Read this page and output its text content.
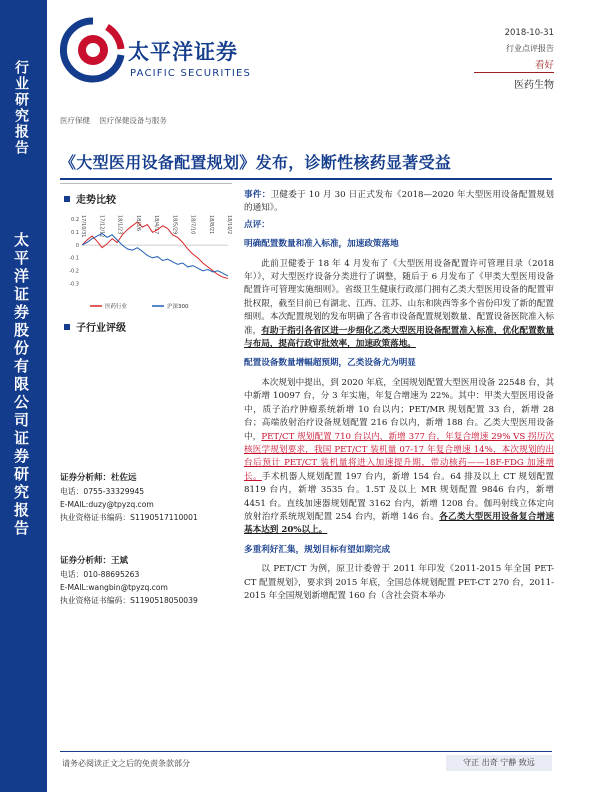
行业研究报告
太平洋证券股份有限公司证券研究报告
太平洋证券
PACIFIC SECURITIES
2018-10-31
行业点评报告
看好
医药生物
医疗保健 医疗保健设备与服务
《大型医用设备配置规划》发布，诊断性核药显著受益
走势比较
0.2
0.1
0
-0.1
-0.2
-0.3
17/10/31 17/12/12 18/1/23 18/3/6 18/4/17 18/5/29 18/7/10 18/8/21 18/10/2
医药行业	沪深300
子行业评级
证券分析师：杜佐远
电话：0755-33329945
E-MAIL:duzy@tpyzq.com
执业资格证书编码：S1190517110001
证券分析师：王斌
电话：010-88695263
E-MAIL:wangbin@tpyzq.com
执业资格证书编码：S1190518050039

事件：卫健委于 10 月 30 日正式发布《2018—2020 年大型医用设备配置规划的通知》。

点评：

明确配置数量和准入标准，加速政策落地

此前卫健委于 18 年 4 月发布了《大型医用设备配置许可管理目录（2018 年）》，对大型医疗设备分类进行了调整，随后于 6 月发布了《甲类大型医用设备配置许可管理实施细则》。省级卫生健康行政部门拥有乙类大型医用设备的配置审批权限，截至目前已有湖北、江西、江苏、山东和陕西等多个省份印发了新的配置细则。本次配置规划的发布明确了各省市设备配置规划数量、配置设备医院准入标准，有助于指引各省区进一步细化乙类大型医用设备配置准入标准，优化配置数量与布局，提高行政审批效率，加速政策落地。

配置设备数量增幅超预期，乙类设备尤为明显

本次规划中提出，到 2020 年底，全国规划配置大型医用设备 22548 台，其中新增 10097 台，分 3 年实施，年复合增速为 22%。其中：甲类大型医用设备中，质子治疗肿瘤系统新增 10 台以内；PET/MR 规划配置 33 台，新增 28 台；高端放射治疗设备规划配置 216 台以内，新增 188 台。乙类大型医用设备中，PET/CT 规划配置 710 台以内，新增 377 台，年复合增速 29% VS 拐历次核医学规划要求，我国 PET/CT 装机量 07-17 年复合增速 14%，本次规划的出台后预计 PET/CT 装机量将进入加速提升期，带动核药——18F-FDG 加速增长。手术机器人规划配置 197 台内，新增 154 台。64 排及以上 CT 规划配置 8119 台内，新增 3535 台。1.5T 及以上 MR 规划配置 9846 台内，新增 4451 台。直线加速器规划配置 3162 台内，新增 1208 台。伽玛射线立体定向放射治疗系统规划配置 254 台内，新增 146 台。各乙类大型医用设备复合增速基本达到 20%以上。

多重利好汇集，规划目标有望如期完成

以 PET/CT 为例，原卫计委曾于 2011 年印发《2011-2015 年全国 PET-CT 配置规划》，要求到 2015 年底，全国总体规划配置 PET-CT 270 台，2011-2015 年全国规划新增配置 160 台（含社会资本举办

请务必阅读正文之后的免责条款部分	守正 出奇 宁静 致远
